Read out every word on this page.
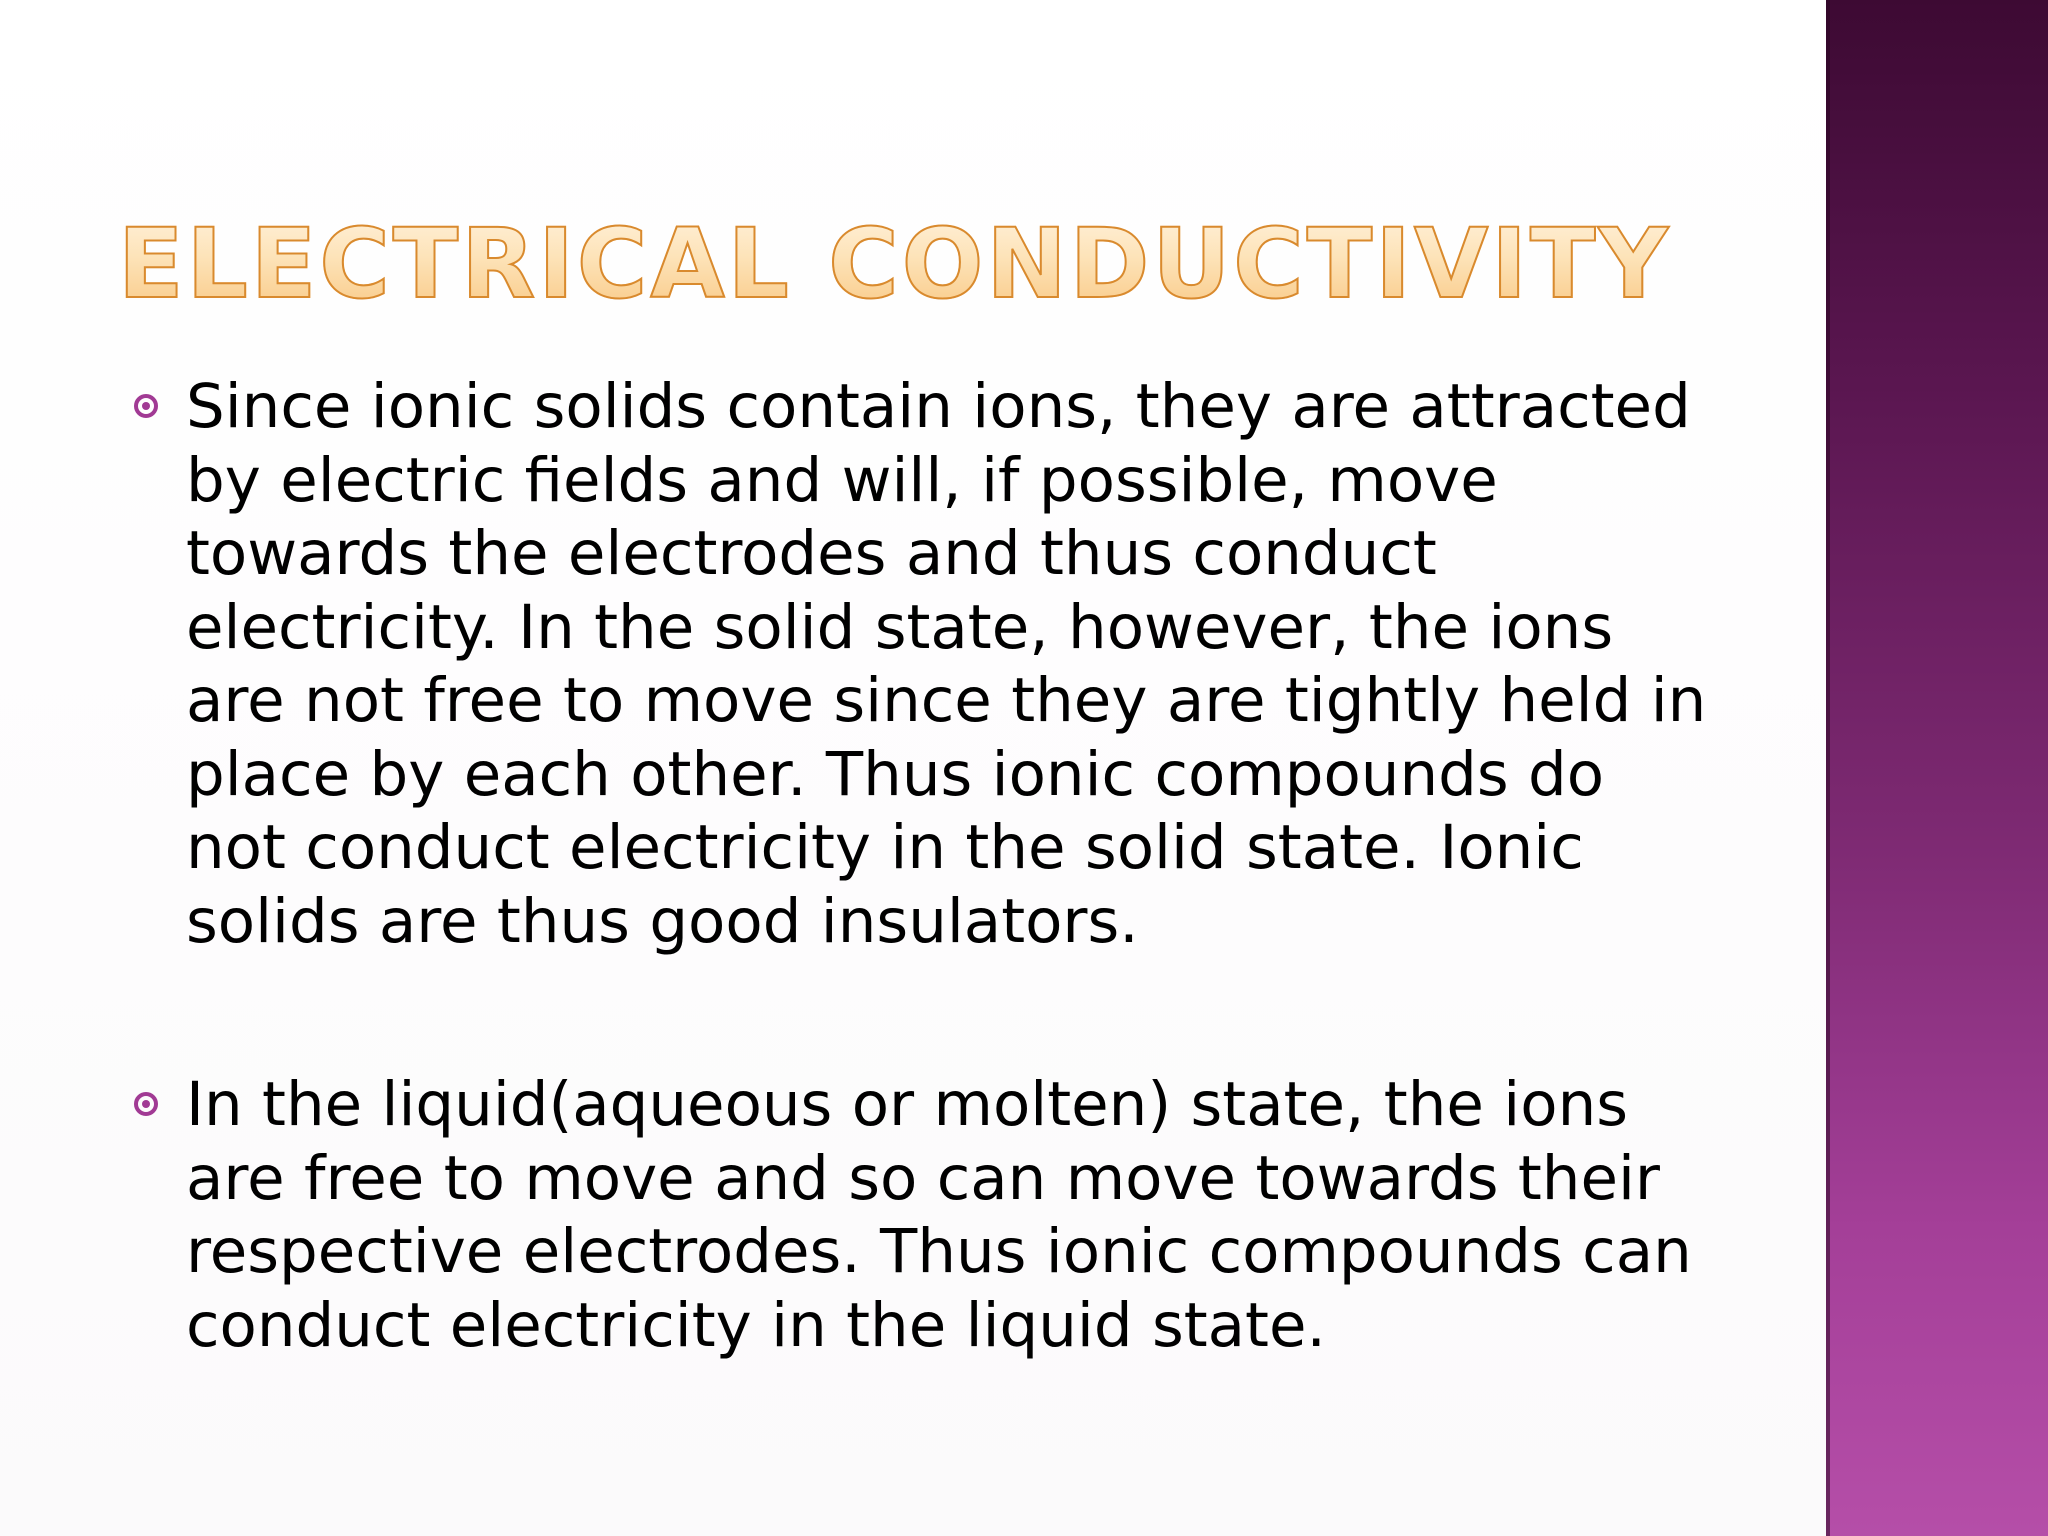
ELECTRICAL CONDUCTIVITY
Since ionic solids contain ions, they are attracted by electric fields and will, if possible, move towards the electrodes and thus conduct electricity. In the solid state, however, the ions are not free to move since they are tightly held in place by each other. Thus ionic compounds do not conduct electricity in the solid state. Ionic solids are thus good insulators.
In the liquid(aqueous or molten) state, the ions are free to move and so can move towards their respective electrodes. Thus ionic compounds can conduct electricity in the liquid state.
